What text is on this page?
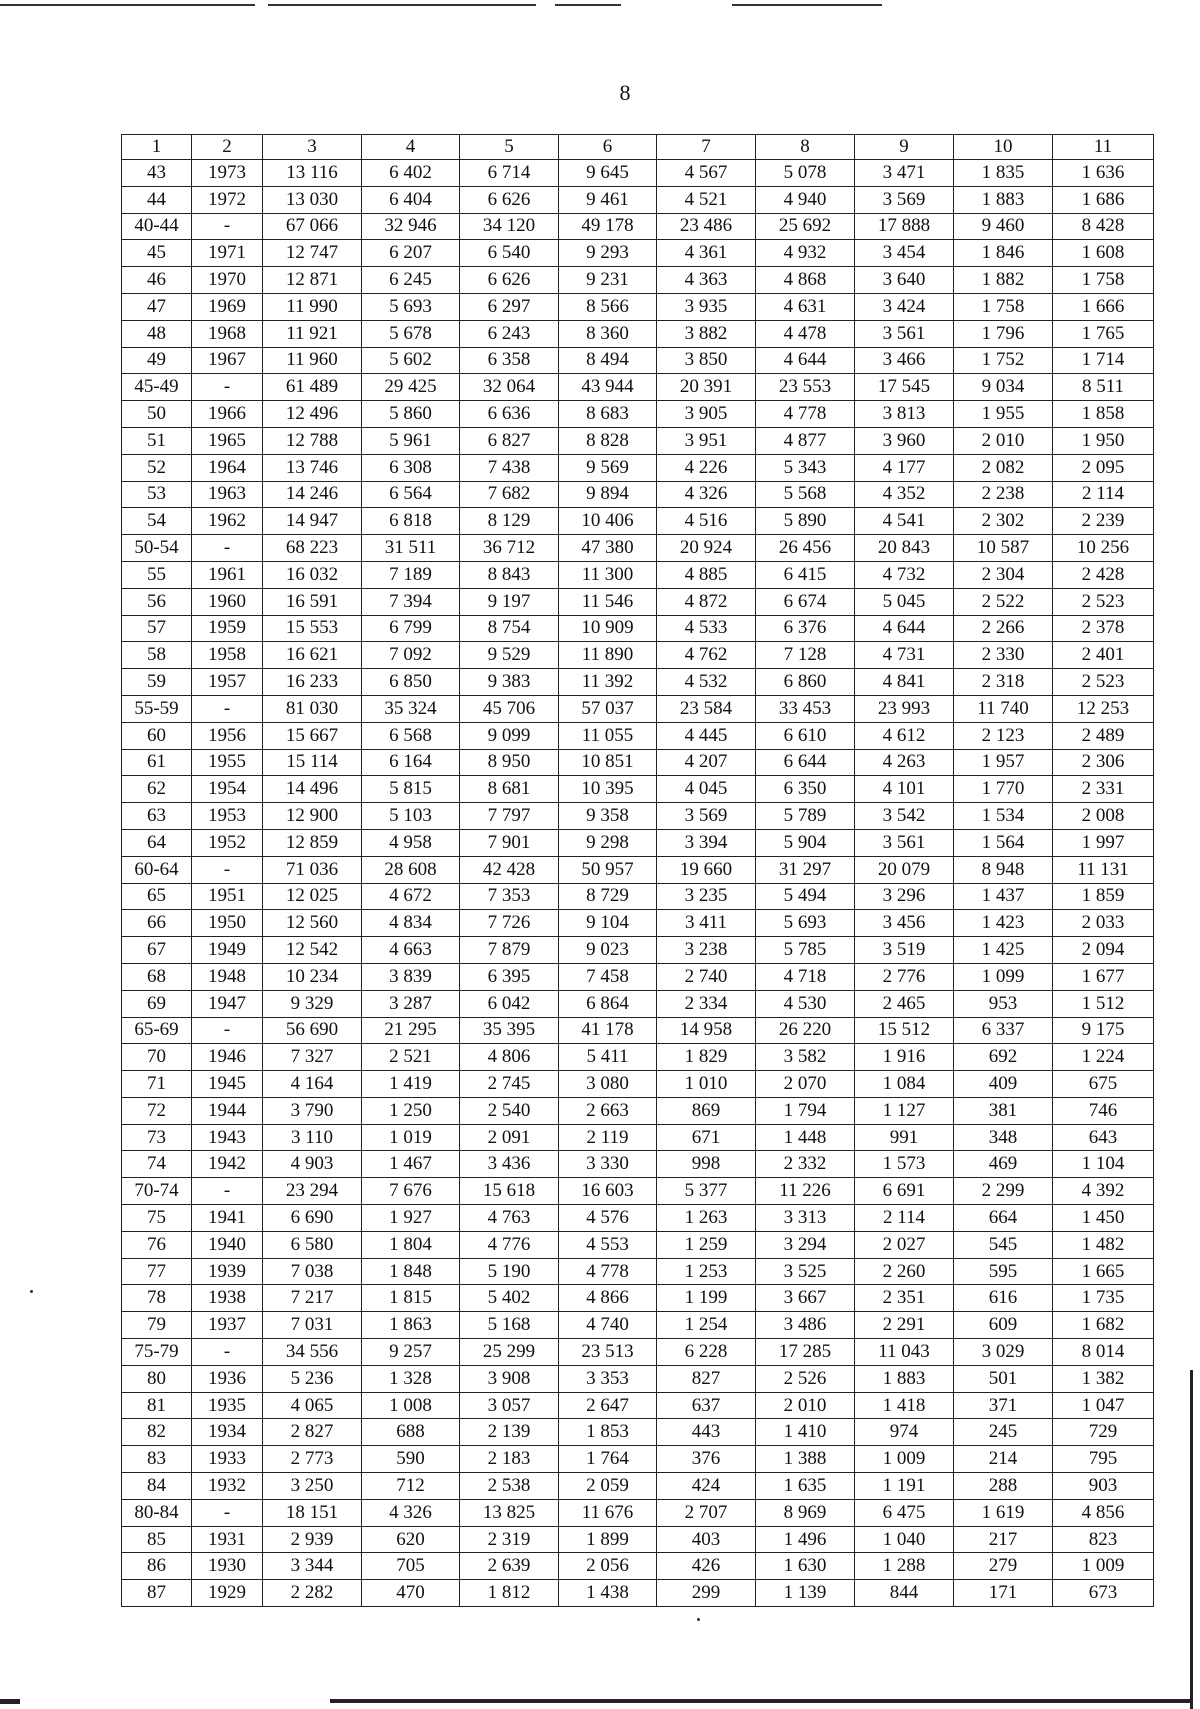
8
1	2	3	4	5	6	7	8	9	10	11
43	1973	13 116	6 402	6 714	9 645	4 567	5 078	3 471	1 835	1 636
44	1972	13 030	6 404	6 626	9 461	4 521	4 940	3 569	1 883	1 686
40-44	-	67 066	32 946	34 120	49 178	23 486	25 692	17 888	9 460	8 428
45	1971	12 747	6 207	6 540	9 293	4 361	4 932	3 454	1 846	1 608
46	1970	12 871	6 245	6 626	9 231	4 363	4 868	3 640	1 882	1 758
47	1969	11 990	5 693	6 297	8 566	3 935	4 631	3 424	1 758	1 666
48	1968	11 921	5 678	6 243	8 360	3 882	4 478	3 561	1 796	1 765
49	1967	11 960	5 602	6 358	8 494	3 850	4 644	3 466	1 752	1 714
45-49	-	61 489	29 425	32 064	43 944	20 391	23 553	17 545	9 034	8 511
50	1966	12 496	5 860	6 636	8 683	3 905	4 778	3 813	1 955	1 858
51	1965	12 788	5 961	6 827	8 828	3 951	4 877	3 960	2 010	1 950
52	1964	13 746	6 308	7 438	9 569	4 226	5 343	4 177	2 082	2 095
53	1963	14 246	6 564	7 682	9 894	4 326	5 568	4 352	2 238	2 114
54	1962	14 947	6 818	8 129	10 406	4 516	5 890	4 541	2 302	2 239
50-54	-	68 223	31 511	36 712	47 380	20 924	26 456	20 843	10 587	10 256
55	1961	16 032	7 189	8 843	11 300	4 885	6 415	4 732	2 304	2 428
56	1960	16 591	7 394	9 197	11 546	4 872	6 674	5 045	2 522	2 523
57	1959	15 553	6 799	8 754	10 909	4 533	6 376	4 644	2 266	2 378
58	1958	16 621	7 092	9 529	11 890	4 762	7 128	4 731	2 330	2 401
59	1957	16 233	6 850	9 383	11 392	4 532	6 860	4 841	2 318	2 523
55-59	-	81 030	35 324	45 706	57 037	23 584	33 453	23 993	11 740	12 253
60	1956	15 667	6 568	9 099	11 055	4 445	6 610	4 612	2 123	2 489
61	1955	15 114	6 164	8 950	10 851	4 207	6 644	4 263	1 957	2 306
62	1954	14 496	5 815	8 681	10 395	4 045	6 350	4 101	1 770	2 331
63	1953	12 900	5 103	7 797	9 358	3 569	5 789	3 542	1 534	2 008
64	1952	12 859	4 958	7 901	9 298	3 394	5 904	3 561	1 564	1 997
60-64	-	71 036	28 608	42 428	50 957	19 660	31 297	20 079	8 948	11 131
65	1951	12 025	4 672	7 353	8 729	3 235	5 494	3 296	1 437	1 859
66	1950	12 560	4 834	7 726	9 104	3 411	5 693	3 456	1 423	2 033
67	1949	12 542	4 663	7 879	9 023	3 238	5 785	3 519	1 425	2 094
68	1948	10 234	3 839	6 395	7 458	2 740	4 718	2 776	1 099	1 677
69	1947	9 329	3 287	6 042	6 864	2 334	4 530	2 465	953	1 512
65-69	-	56 690	21 295	35 395	41 178	14 958	26 220	15 512	6 337	9 175
70	1946	7 327	2 521	4 806	5 411	1 829	3 582	1 916	692	1 224
71	1945	4 164	1 419	2 745	3 080	1 010	2 070	1 084	409	675
72	1944	3 790	1 250	2 540	2 663	869	1 794	1 127	381	746
73	1943	3 110	1 019	2 091	2 119	671	1 448	991	348	643
74	1942	4 903	1 467	3 436	3 330	998	2 332	1 573	469	1 104
70-74	-	23 294	7 676	15 618	16 603	5 377	11 226	6 691	2 299	4 392
75	1941	6 690	1 927	4 763	4 576	1 263	3 313	2 114	664	1 450
76	1940	6 580	1 804	4 776	4 553	1 259	3 294	2 027	545	1 482
77	1939	7 038	1 848	5 190	4 778	1 253	3 525	2 260	595	1 665
78	1938	7 217	1 815	5 402	4 866	1 199	3 667	2 351	616	1 735
79	1937	7 031	1 863	5 168	4 740	1 254	3 486	2 291	609	1 682
75-79	-	34 556	9 257	25 299	23 513	6 228	17 285	11 043	3 029	8 014
80	1936	5 236	1 328	3 908	3 353	827	2 526	1 883	501	1 382
81	1935	4 065	1 008	3 057	2 647	637	2 010	1 418	371	1 047
82	1934	2 827	688	2 139	1 853	443	1 410	974	245	729
83	1933	2 773	590	2 183	1 764	376	1 388	1 009	214	795
84	1932	3 250	712	2 538	2 059	424	1 635	1 191	288	903
80-84	-	18 151	4 326	13 825	11 676	2 707	8 969	6 475	1 619	4 856
85	1931	2 939	620	2 319	1 899	403	1 496	1 040	217	823
86	1930	3 344	705	2 639	2 056	426	1 630	1 288	279	1 009
87	1929	2 282	470	1 812	1 438	299	1 139	844	171	673
